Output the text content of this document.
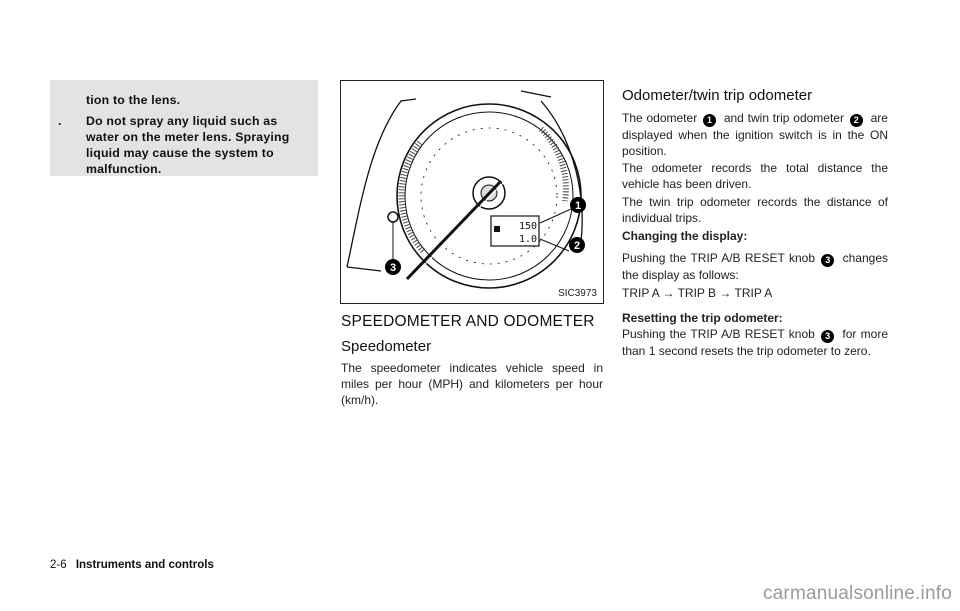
tion to the lens.
.	Do not spray any liquid such as water on the meter lens. Spraying liquid may cause the system to malfunction.
150
1.0
1
2
3
SIC3973
SPEEDOMETER AND ODOMETER
Speedometer
The speedometer indicates vehicle speed in miles per hour (MPH) and kilometers per hour (km/h).
Odometer/twin trip odometer
The odometer 1 and twin trip odometer 2 are displayed when the ignition switch is in the ON position.
The odometer records the total distance the vehicle has been driven.
The twin trip odometer records the distance of individual trips.
Changing the display:
Pushing the TRIP A/B RESET knob 3 changes the display as follows:
TRIP A → TRIP B → TRIP A
Resetting the trip odometer:
Pushing the TRIP A/B RESET knob 3 for more than 1 second resets the trip odometer to zero.
2-6 Instruments and controls
carmanualsonline.info
